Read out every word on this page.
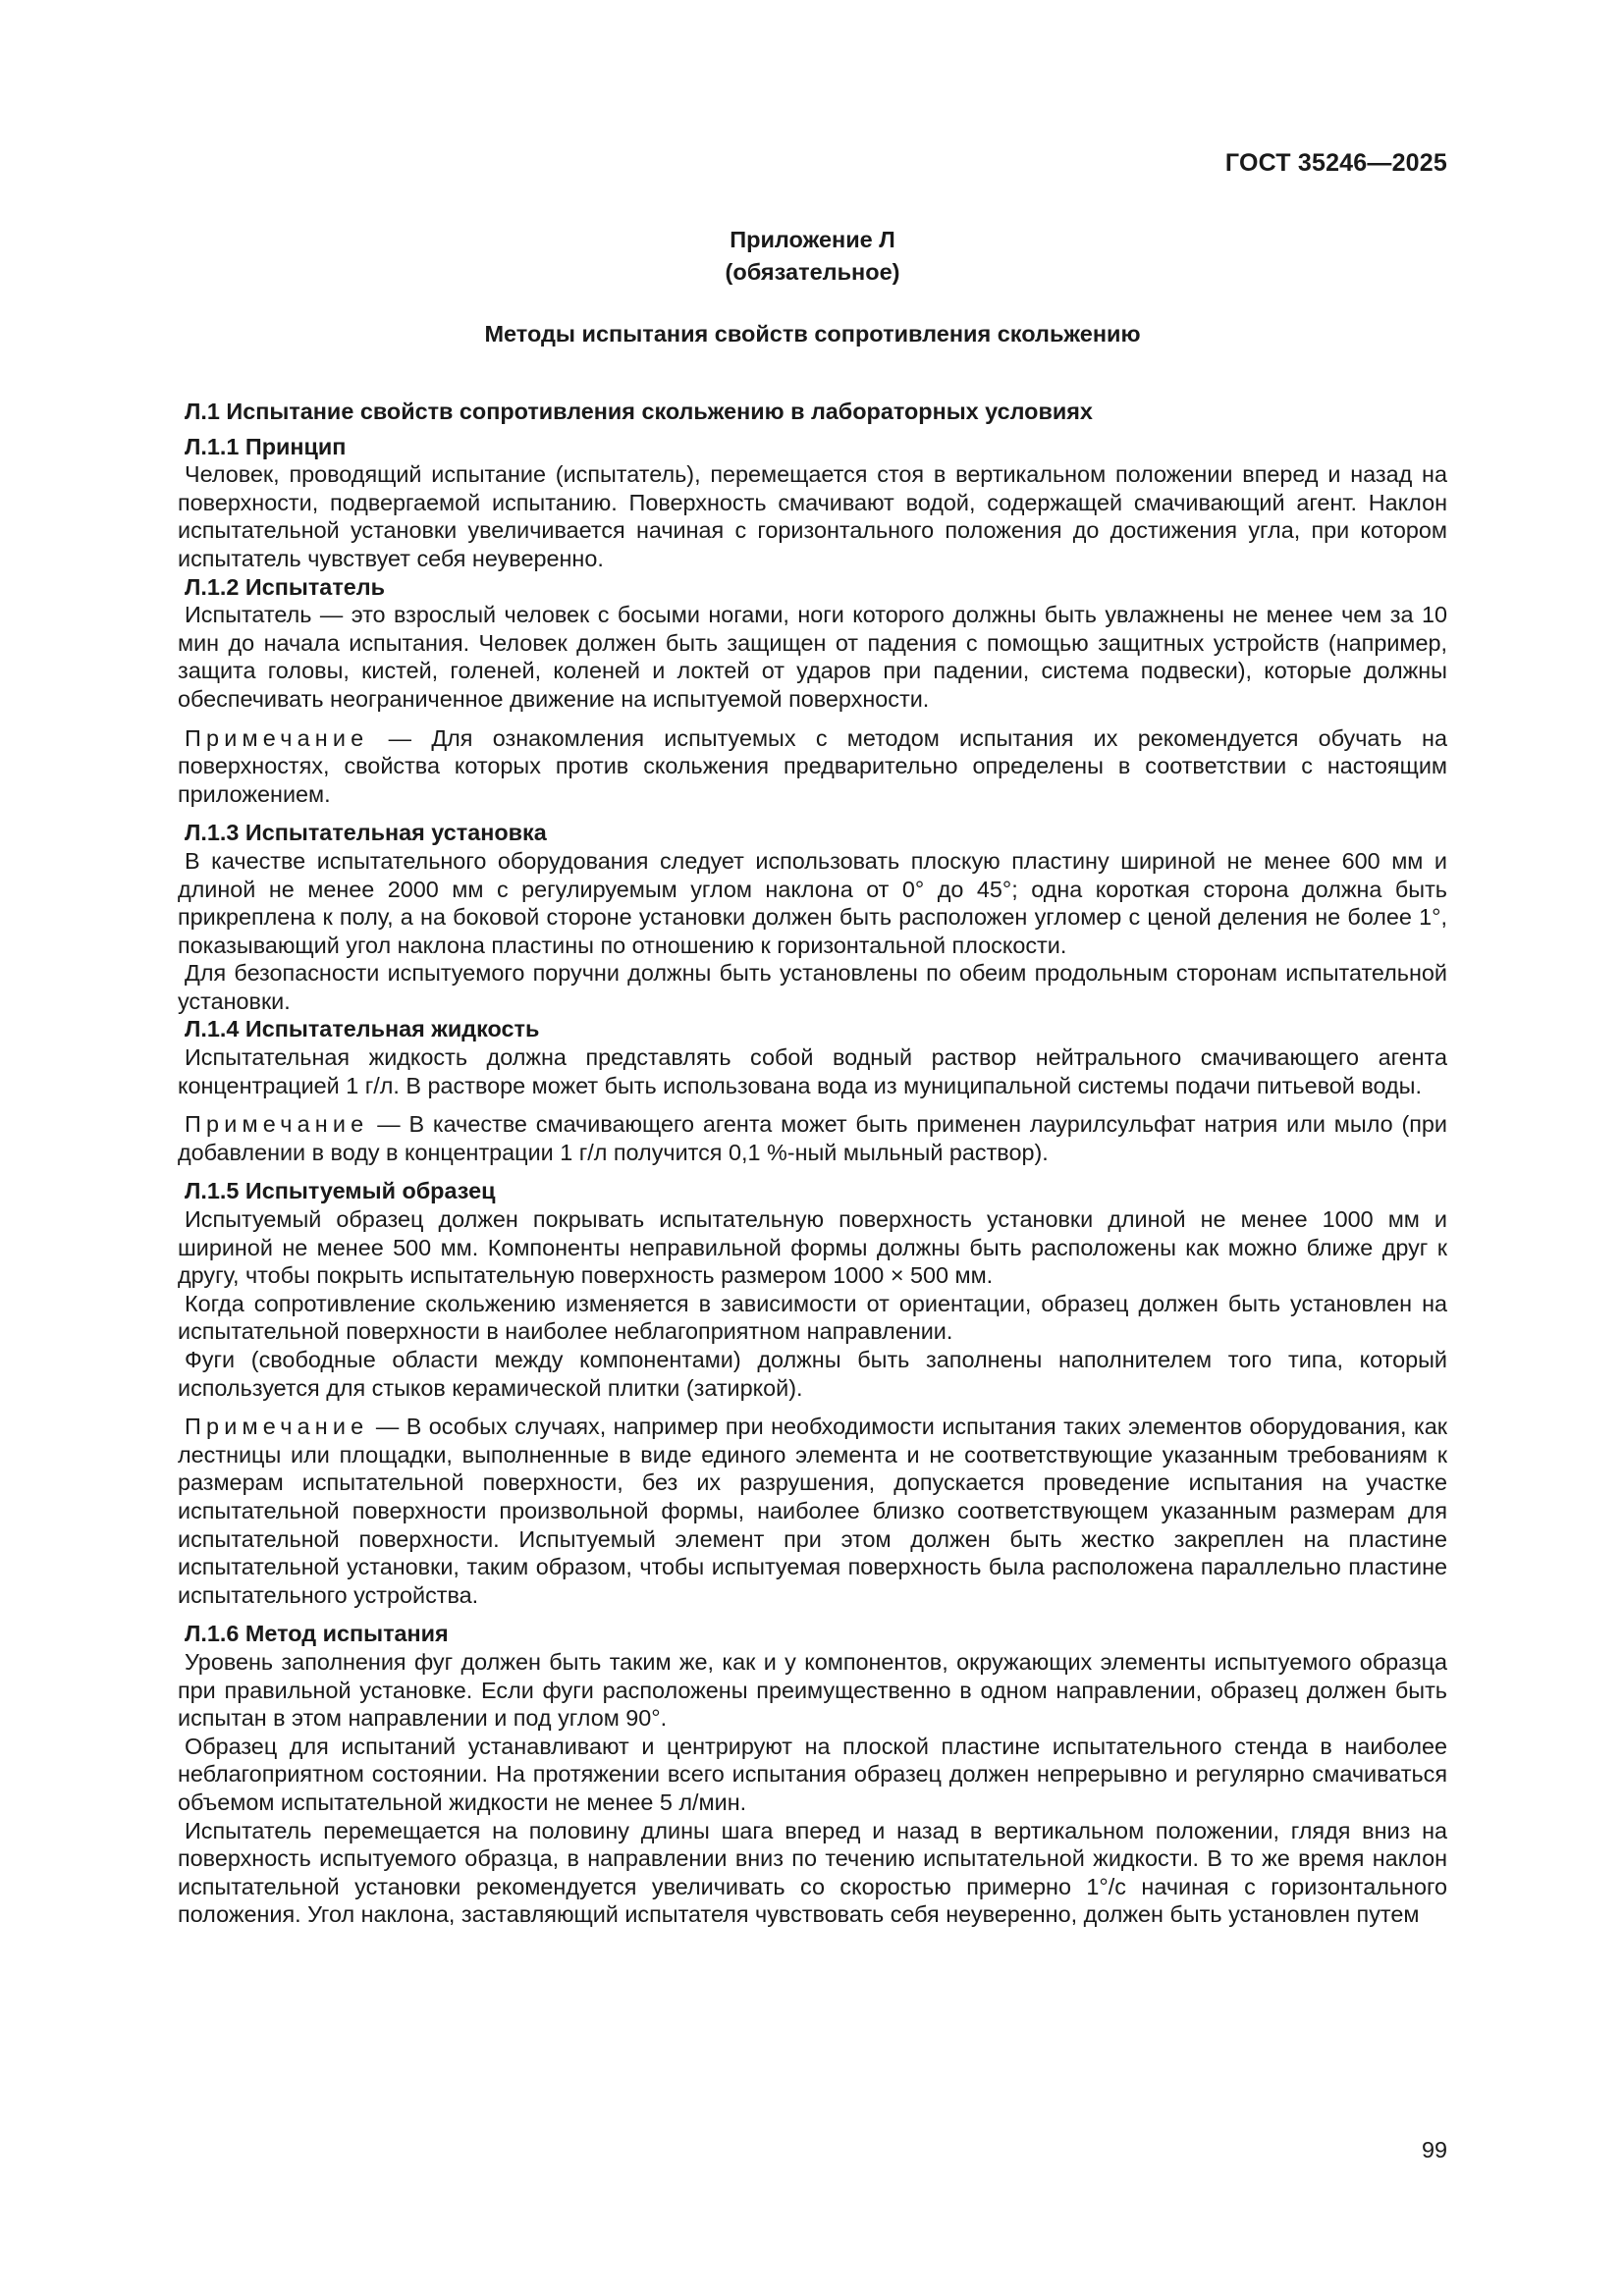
ГОСТ 35246—2025
Приложение Л
(обязательное)
Методы испытания свойств сопротивления скольжению
Л.1 Испытание свойств сопротивления скольжению в лабораторных условиях
Л.1.1 Принцип

Человек, проводящий испытание (испытатель), перемещается стоя в вертикальном положении вперед и назад на поверхности, подвергаемой испытанию. Поверхность смачивают водой, содержащей смачивающий агент. Наклон испытательной установки увеличивается начиная с горизонтального положения до достижения угла, при котором испытатель чувствует себя неуверенно.

Л.1.2 Испытатель

Испытатель — это взрослый человек с босыми ногами, ноги которого должны быть увлажнены не менее чем за 10 мин до начала испытания. Человек должен быть защищен от падения с помощью защитных устройств (например, защита головы, кистей, голеней, коленей и локтей от ударов при падении, система подвески), которые должны обеспечивать неограниченное движение на испытуемой поверхности.

Примечание — Для ознакомления испытуемых с методом испытания их рекомендуется обучать на поверхностях, свойства которых против скольжения предварительно определены в соответствии с настоящим приложением.

Л.1.3 Испытательная установка

В качестве испытательного оборудования следует использовать плоскую пластину шириной не менее 600 мм и длиной не менее 2000 мм с регулируемым углом наклона от 0° до 45°; одна короткая сторона должна быть прикреплена к полу, а на боковой стороне установки должен быть расположен угломер с ценой деления не более 1°, показывающий угол наклона пластины по отношению к горизонтальной плоскости.

Для безопасности испытуемого поручни должны быть установлены по обеим продольным сторонам испытательной установки.

Л.1.4 Испытательная жидкость

Испытательная жидкость должна представлять собой водный раствор нейтрального смачивающего агента концентрацией 1 г/л. В растворе может быть использована вода из муниципальной системы подачи питьевой воды.

Примечание — В качестве смачивающего агента может быть применен лаурилсульфат натрия или мыло (при добавлении в воду в концентрации 1 г/л получится 0,1 %-ный мыльный раствор).

Л.1.5 Испытуемый образец

Испытуемый образец должен покрывать испытательную поверхность установки длиной не менее 1000 мм и шириной не менее 500 мм. Компоненты неправильной формы должны быть расположены как можно ближе друг к другу, чтобы покрыть испытательную поверхность размером 1000 × 500 мм.

Когда сопротивление скольжению изменяется в зависимости от ориентации, образец должен быть установлен на испытательной поверхности в наиболее неблагоприятном направлении.

Фуги (свободные области между компонентами) должны быть заполнены наполнителем того типа, который используется для стыков керамической плитки (затиркой).

Примечание — В особых случаях, например при необходимости испытания таких элементов оборудования, как лестницы или площадки, выполненные в виде единого элемента и не соответствующие указанным требованиям к размерам испытательной поверхности, без их разрушения, допускается проведение испытания на участке испытательной поверхности произвольной формы, наиболее близко соответствующем указанным размерам для испытательной поверхности. Испытуемый элемент при этом должен быть жестко закреплен на пластине испытательной установки, таким образом, чтобы испытуемая поверхность была расположена параллельно пластине испытательного устройства.

Л.1.6 Метод испытания

Уровень заполнения фуг должен быть таким же, как и у компонентов, окружающих элементы испытуемого образца при правильной установке. Если фуги расположены преимущественно в одном направлении, образец должен быть испытан в этом направлении и под углом 90°.

Образец для испытаний устанавливают и центрируют на плоской пластине испытательного стенда в наиболее неблагоприятном состоянии. На протяжении всего испытания образец должен непрерывно и регулярно смачиваться объемом испытательной жидкости не менее 5 л/мин.

Испытатель перемещается на половину длины шага вперед и назад в вертикальном положении, глядя вниз на поверхность испытуемого образца, в направлении вниз по течению испытательной жидкости. В то же время наклон испытательной установки рекомендуется увеличивать со скоростью примерно 1°/с начиная с горизонтального положения. Угол наклона, заставляющий испытателя чувствовать себя неуверенно, должен быть установлен путем

99
